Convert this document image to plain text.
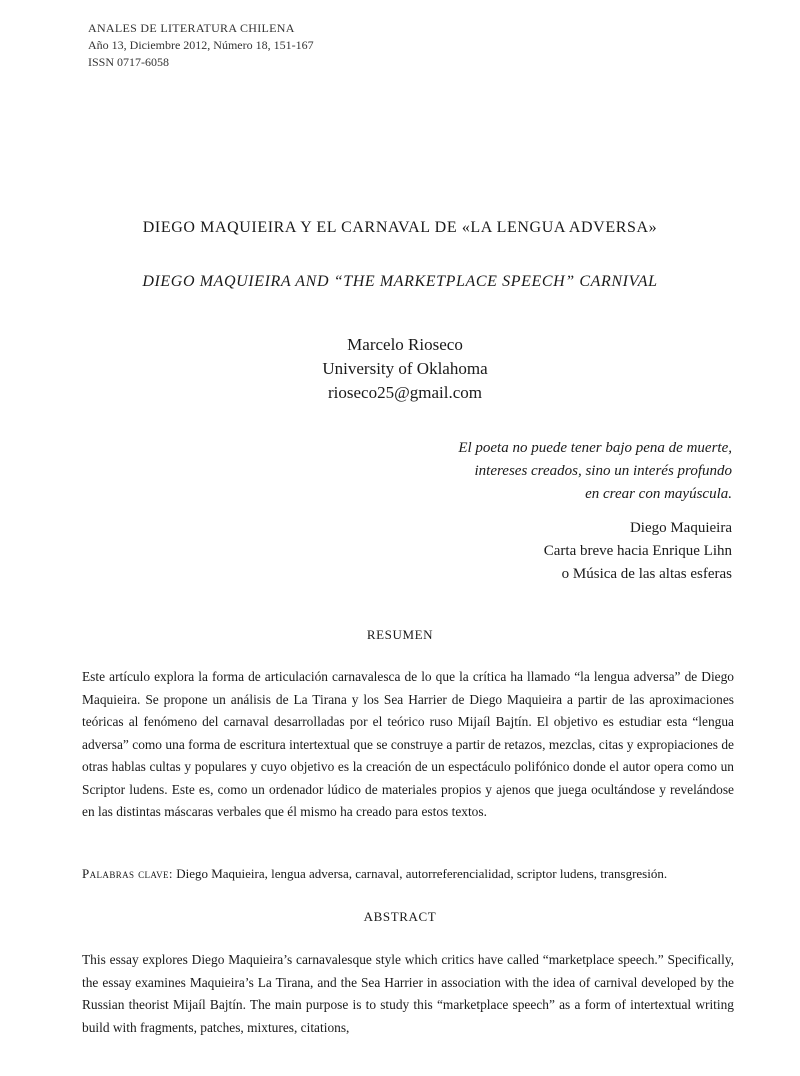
ANALES DE LITERATURA CHILENA
Año 13, Diciembre 2012, Número 18, 151-167
ISSN 0717-6058
DIEGO MAQUIEIRA Y EL CARNAVAL DE «LA LENGUA ADVERSA»
DIEGO MAQUIEIRA AND “THE MARKETPLACE SPEECH” CARNIVAL
Marcelo Rioseco
University of Oklahoma
rioseco25@gmail.com
El poeta no puede tener bajo pena de muerte,
intereses creados, sino un interés profundo
en crear con mayúscula.
Diego Maquieira
Carta breve hacia Enrique Lihn
o Música de las altas esferas
RESUMEN
Este artículo explora la forma de articulación carnavalesca de lo que la crítica ha llamado “la lengua adversa” de Diego Maquieira. Se propone un análisis de La Tirana y los Sea Harrier de Diego Maquieira a partir de las aproximaciones teóricas al fenómeno del carnaval desarrolladas por el teórico ruso Mijaíl Bajtín. El objetivo es estudiar esta “lengua adversa” como una forma de escritura intertextual que se construye a partir de retazos, mezclas, citas y expropiaciones de otras hablas cultas y populares y cuyo objetivo es la creación de un espectáculo polifónico donde el autor opera como un Scriptor ludens. Este es, como un ordenador lúdico de materiales propios y ajenos que juega ocultándose y revelándose en las distintas máscaras verbales que él mismo ha creado para estos textos.
Palabras clave: Diego Maquieira, lengua adversa, carnaval, autorreferencialidad, scriptor ludens, transgresión.
ABSTRACT
This essay explores Diego Maquieira’s carnavalesque style which critics have called “marketplace speech.” Specifically, the essay examines Maquieira’s La Tirana, and the Sea Harrier in association with the idea of carnival developed by the Russian theorist Mijaíl Bajtín. The main purpose is to study this “marketplace speech” as a form of intertextual writing build with fragments, patches, mixtures, citations,
